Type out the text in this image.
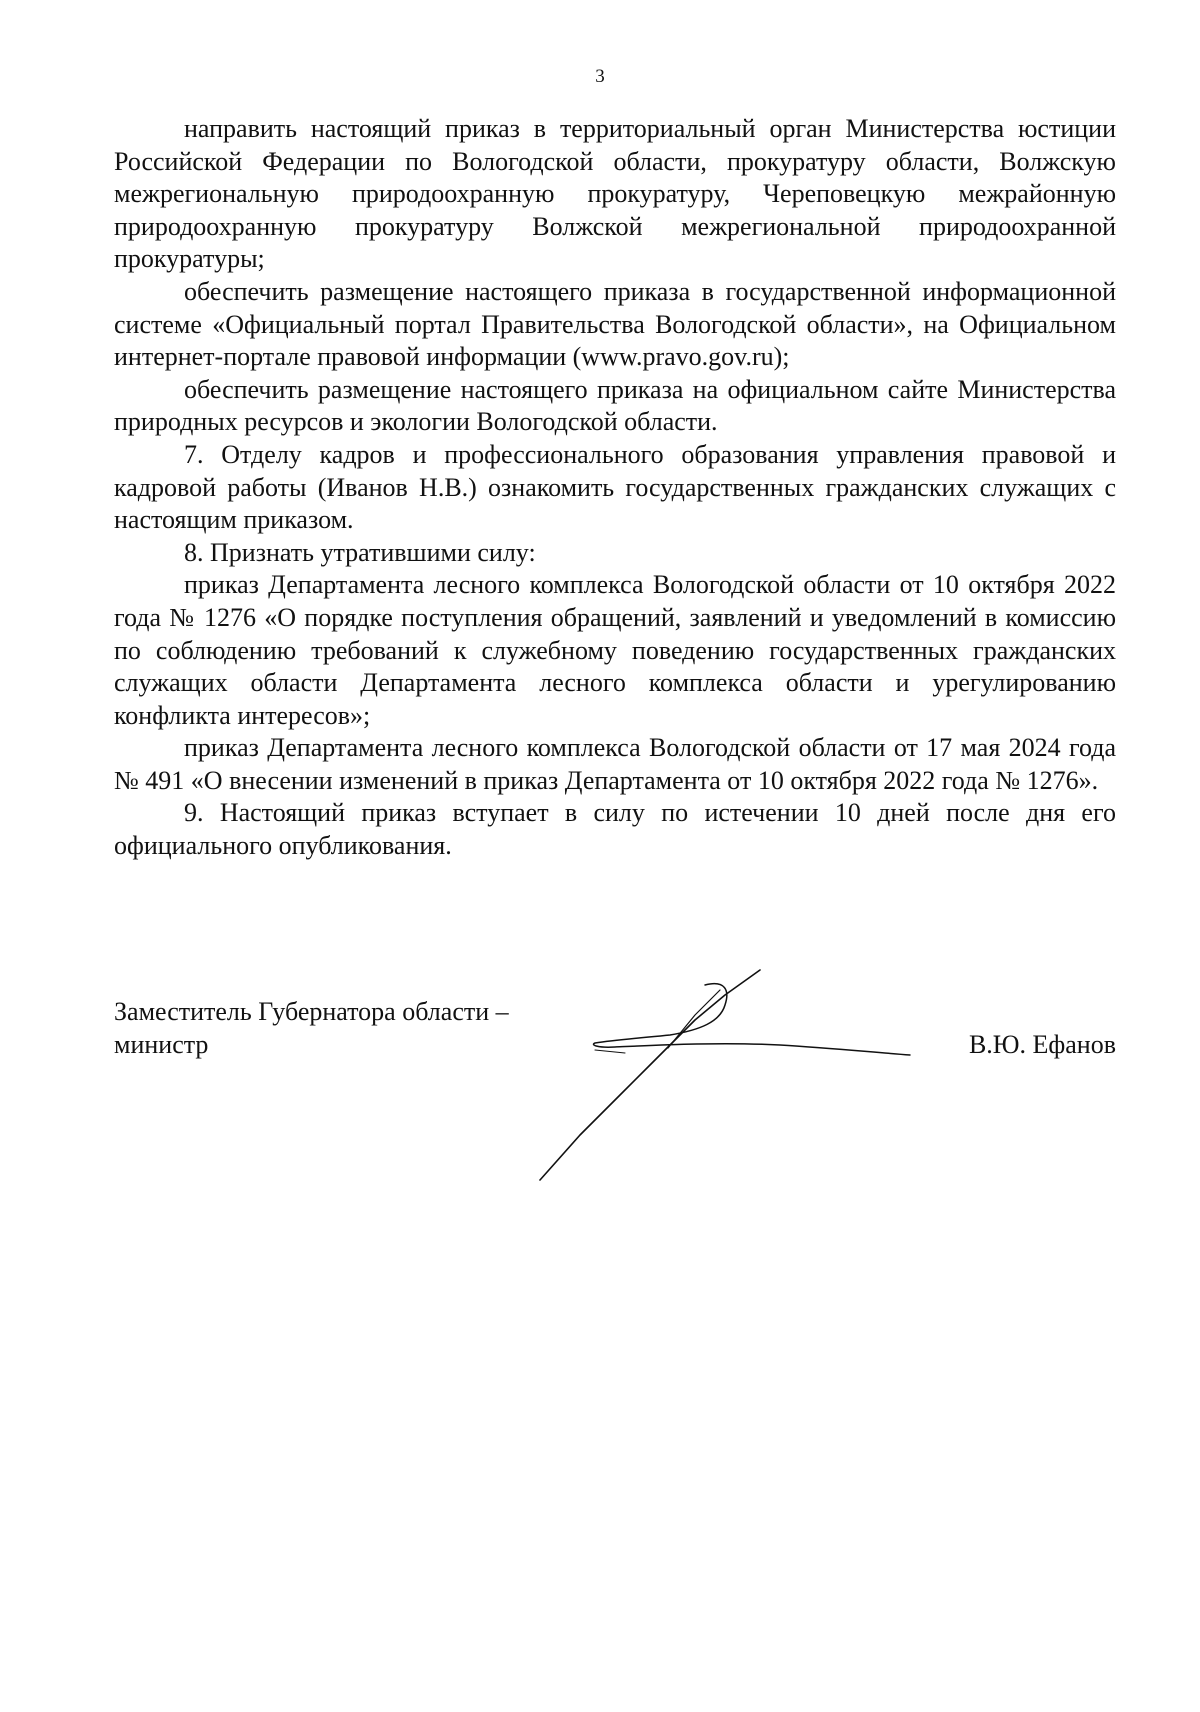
3

направить настоящий приказ в территориальный орган Министерства юстиции Российской Федерации по Вологодской области, прокуратуру области, Волжскую межрегиональную природоохранную прокуратуру, Череповецкую межрайонную природоохранную прокуратуру Волжской межрегиональной природоохранной прокуратуры;

обеспечить размещение настоящего приказа в государственной информационной системе «Официальный портал Правительства Вологодской области», на Официальном интернет-портале правовой информации (www.pravo.gov.ru);

обеспечить размещение настоящего приказа на официальном сайте Министерства природных ресурсов и экологии Вологодской области.

7. Отделу кадров и профессионального образования управления правовой и кадровой работы (Иванов Н.В.) ознакомить государственных гражданских служащих с настоящим приказом.

8. Признать утратившими силу:

приказ Департамента лесного комплекса Вологодской области от 10 октября 2022 года № 1276 «О порядке поступления обращений, заявлений и уведомлений в комиссию по соблюдению требований к служебному поведению государственных гражданских служащих области Департамента лесного комплекса области и урегулированию конфликта интересов»;

приказ Департамента лесного комплекса Вологодской области от 17 мая 2024 года № 491 «О внесении изменений в приказ Департамента от 10 октября 2022 года № 1276».

9. Настоящий приказ вступает в силу по истечении 10 дней после дня его официального опубликования.

Заместитель Губернатора области –
министр	В.Ю. Ефанов
